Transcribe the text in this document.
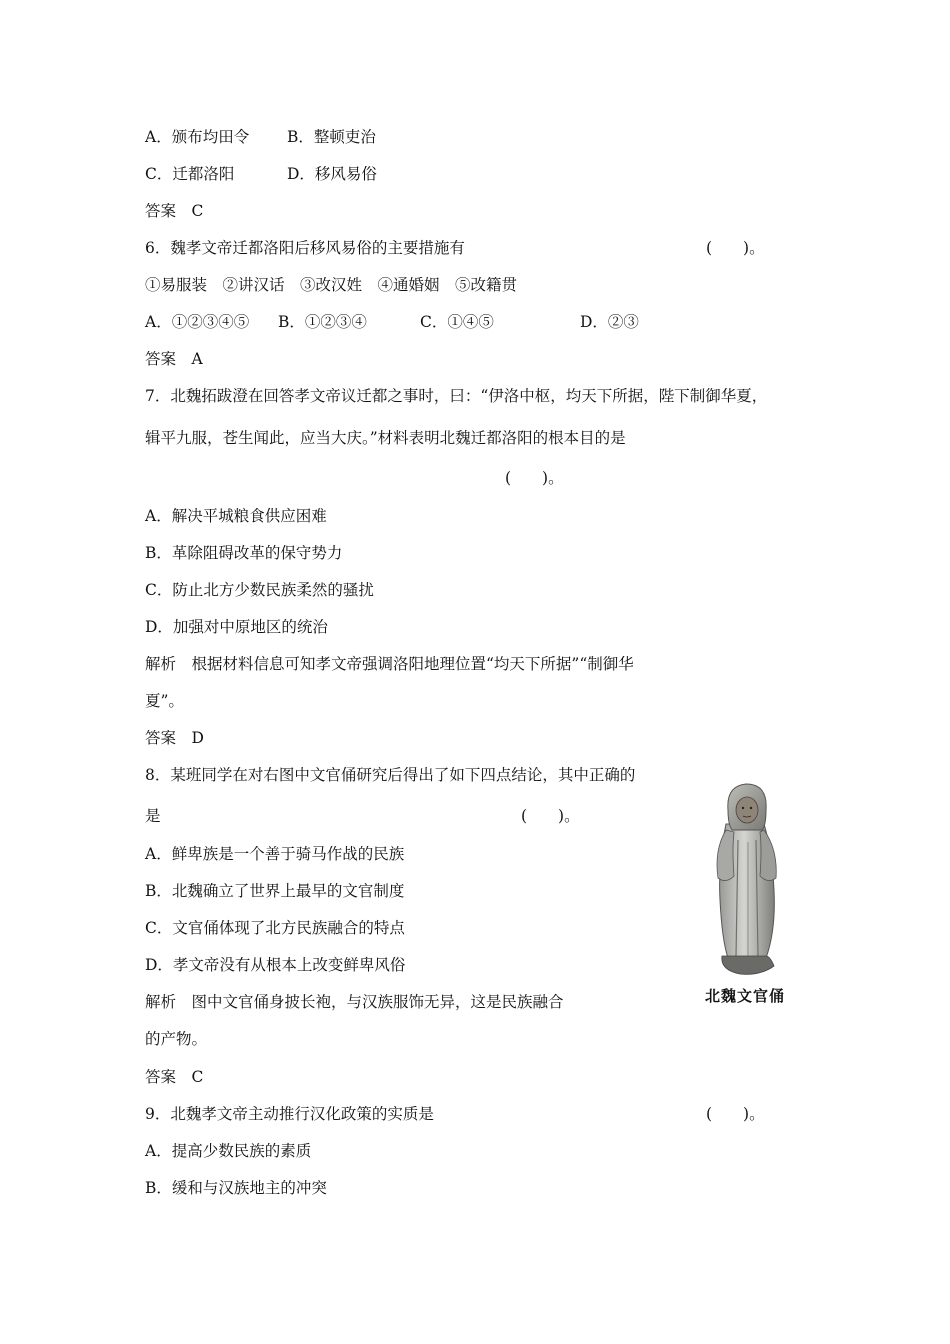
A．颁布均田令 B．整顿吏治
C．迁都洛阳	D．移风易俗
答案　C
6．魏孝文帝迁都洛阳后移风易俗的主要措施有	(　　)。
①易服装　②讲汉话　③改汉姓　④通婚姻　⑤改籍贯
A．①②③④⑤ B．①②③④	C．①④⑤	D．②③
答案　A
7．北魏拓跋澄在回答孝文帝议迁都之事时，曰：“伊洛中枢，均天下所据，陛下制御华夏，
辑平九服，苍生闻此，应当大庆。”材料表明北魏迁都洛阳的根本目的是
(　　)。
A．解决平城粮食供应困难
B．革除阻碍改革的保守势力
C．防止北方少数民族柔然的骚扰
D．加强对中原地区的统治
解析　根据材料信息可知孝文帝强调洛阳地理位置“均天下所据”“制御华
夏”。
答案　D
8．某班同学在对右图中文官俑研究后得出了如下四点结论，其中正确的
是	(　　)。
A．鲜卑族是一个善于骑马作战的民族
B．北魏确立了世界上最早的文官制度
C．文官俑体现了北方民族融合的特点
D．孝文帝没有从根本上改变鲜卑风俗
解析　图中文官俑身披长袍，与汉族服饰无异，这是民族融合
的产物。
答案　C
北魏文官俑
9．北魏孝文帝主动推行汉化政策的实质是	(　　)。
A．提高少数民族的素质
B．缓和与汉族地主的冲突
